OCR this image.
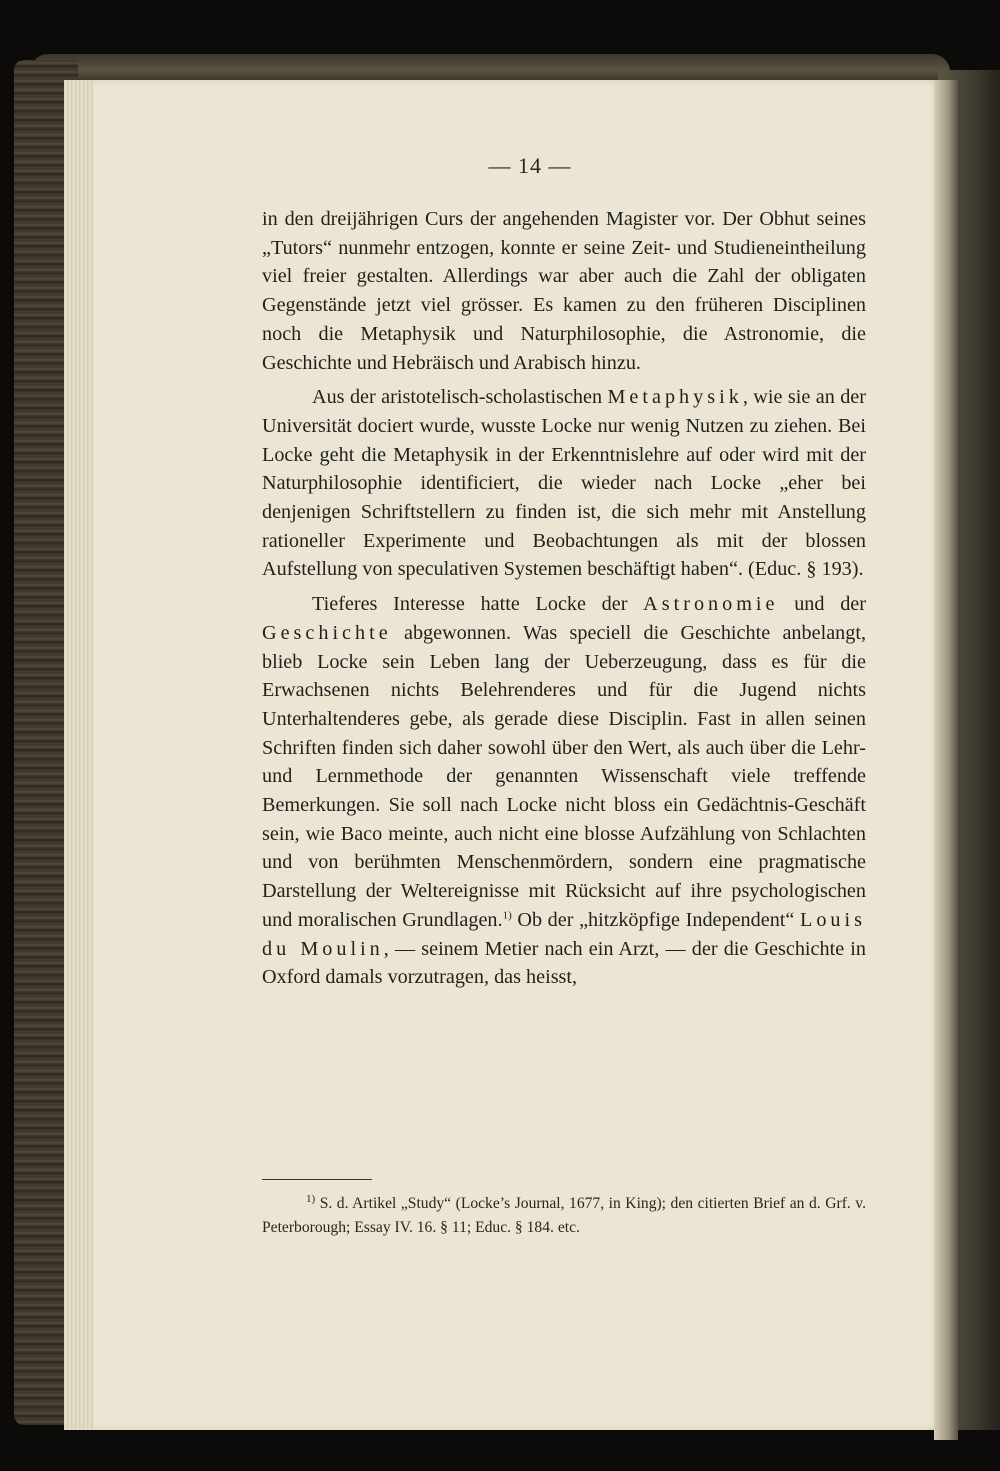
— 14 —

in den dreijährigen Curs der angehenden Magister vor. Der Obhut seines „Tutors“ nunmehr entzogen, konnte er seine Zeit- und Studieneintheilung viel freier gestalten. Allerdings war aber auch die Zahl der obligaten Gegenstände jetzt viel grösser. Es kamen zu den früheren Disciplinen noch die Metaphysik und Naturphilosophie, die Astronomie, die Geschichte und Hebräisch und Arabisch hinzu.

Aus der aristotelisch-scholastischen Metaphysik, wie sie an der Universität dociert wurde, wusste Locke nur wenig Nutzen zu ziehen. Bei Locke geht die Metaphysik in der Erkenntnislehre auf oder wird mit der Naturphilosophie identificiert, die wieder nach Locke „eher bei denjenigen Schriftstellern zu finden ist, die sich mehr mit Anstellung rationeller Experimente und Beobachtungen als mit der blossen Aufstellung von speculativen Systemen beschäftigt haben“. (Educ. § 193).

Tieferes Interesse hatte Locke der Astronomie und der Geschichte abgewonnen. Was speciell die Geschichte anbelangt, blieb Locke sein Leben lang der Ueberzeugung, dass es für die Erwachsenen nichts Belehrenderes und für die Jugend nichts Unterhaltenderes gebe, als gerade diese Disciplin. Fast in allen seinen Schriften finden sich daher sowohl über den Wert, als auch über die Lehr- und Lernmethode der genannten Wissenschaft viele treffende Bemerkungen. Sie soll nach Locke nicht bloss ein Gedächtnis-Geschäft sein, wie Baco meinte, auch nicht eine blosse Aufzählung von Schlachten und von berühmten Menschenmördern, sondern eine pragmatische Darstellung der Weltereignisse mit Rücksicht auf ihre psychologischen und moralischen Grundlagen.$^{1)}$ Ob der „hitzköpfige Independent“ Louis du Moulin, — seinem Metier nach ein Arzt, — der die Geschichte in Oxford damals vorzutragen, das heisst,

$^{1)}$ S. d. Artikel „Study“ (Locke’s Journal, 1677, in King); den citierten Brief an d. Grf. v. Peterborough; Essay IV. 16. § 11; Educ. § 184. etc.
